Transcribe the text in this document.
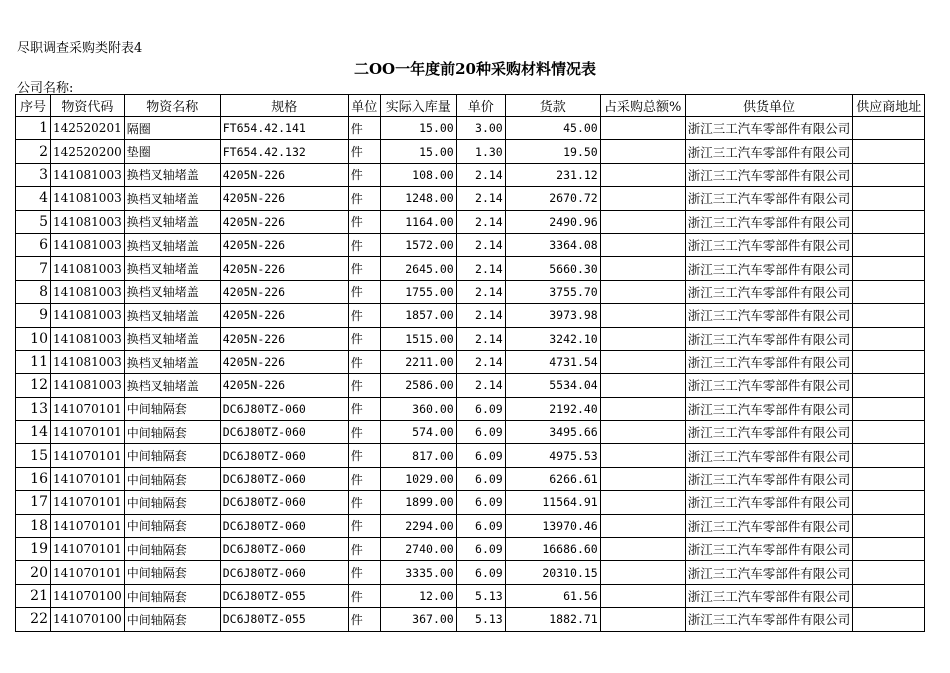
尽职调查采购类附表4
二OO一年度前20种采购材料情况表
公司名称:
序号	物资代码	物资名称	规格	单位	实际入库量	单价	货款	占采购总额%	供货单位	供应商地址
1	142520201	隔圈	FT654.42.141	件	15.00	3.00	45.00		浙江三工汽车零部件有限公司	
2	142520200	垫圈	FT654.42.132	件	15.00	1.30	19.50		浙江三工汽车零部件有限公司	
3	141081003	换档叉轴堵盖	4205N-226	件	108.00	2.14	231.12		浙江三工汽车零部件有限公司	
4	141081003	换档叉轴堵盖	4205N-226	件	1248.00	2.14	2670.72		浙江三工汽车零部件有限公司	
5	141081003	换档叉轴堵盖	4205N-226	件	1164.00	2.14	2490.96		浙江三工汽车零部件有限公司	
6	141081003	换档叉轴堵盖	4205N-226	件	1572.00	2.14	3364.08		浙江三工汽车零部件有限公司	
7	141081003	换档叉轴堵盖	4205N-226	件	2645.00	2.14	5660.30		浙江三工汽车零部件有限公司	
8	141081003	换档叉轴堵盖	4205N-226	件	1755.00	2.14	3755.70		浙江三工汽车零部件有限公司	
9	141081003	换档叉轴堵盖	4205N-226	件	1857.00	2.14	3973.98		浙江三工汽车零部件有限公司	
10	141081003	换档叉轴堵盖	4205N-226	件	1515.00	2.14	3242.10		浙江三工汽车零部件有限公司	
11	141081003	换档叉轴堵盖	4205N-226	件	2211.00	2.14	4731.54		浙江三工汽车零部件有限公司	
12	141081003	换档叉轴堵盖	4205N-226	件	2586.00	2.14	5534.04		浙江三工汽车零部件有限公司	
13	141070101	中间轴隔套	DC6J80TZ-060	件	360.00	6.09	2192.40		浙江三工汽车零部件有限公司	
14	141070101	中间轴隔套	DC6J80TZ-060	件	574.00	6.09	3495.66		浙江三工汽车零部件有限公司	
15	141070101	中间轴隔套	DC6J80TZ-060	件	817.00	6.09	4975.53		浙江三工汽车零部件有限公司	
16	141070101	中间轴隔套	DC6J80TZ-060	件	1029.00	6.09	6266.61		浙江三工汽车零部件有限公司	
17	141070101	中间轴隔套	DC6J80TZ-060	件	1899.00	6.09	11564.91		浙江三工汽车零部件有限公司	
18	141070101	中间轴隔套	DC6J80TZ-060	件	2294.00	6.09	13970.46		浙江三工汽车零部件有限公司	
19	141070101	中间轴隔套	DC6J80TZ-060	件	2740.00	6.09	16686.60		浙江三工汽车零部件有限公司	
20	141070101	中间轴隔套	DC6J80TZ-060	件	3335.00	6.09	20310.15		浙江三工汽车零部件有限公司	
21	141070100	中间轴隔套	DC6J80TZ-055	件	12.00	5.13	61.56		浙江三工汽车零部件有限公司	
22	141070100	中间轴隔套	DC6J80TZ-055	件	367.00	5.13	1882.71		浙江三工汽车零部件有限公司	
